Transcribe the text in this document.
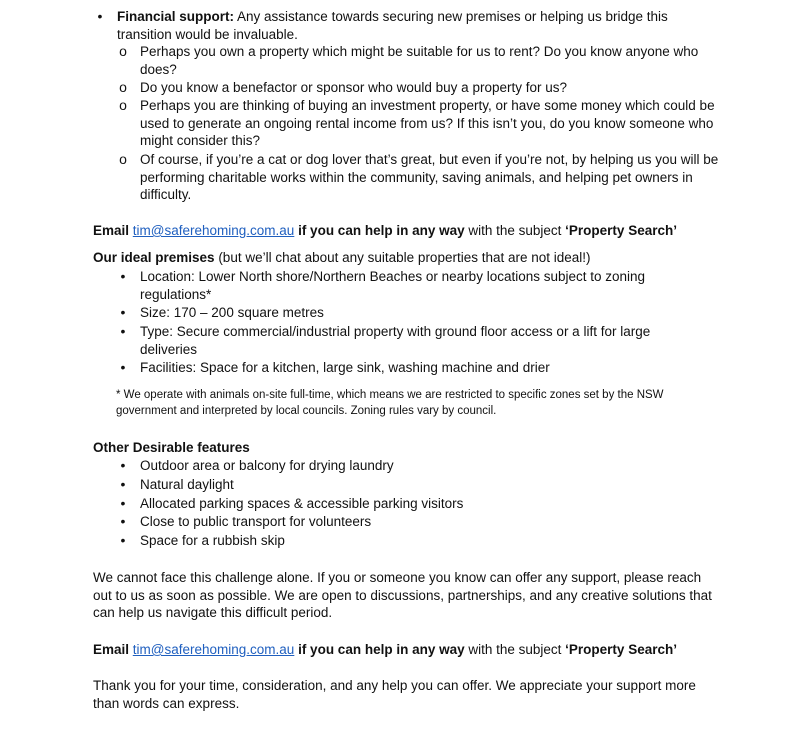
•	Financial support: Any assistance towards securing new premises or helping us bridge this transition would be invaluable.
o Perhaps you own a property which might be suitable for us to rent? Do you know anyone who does?
o Do you know a benefactor or sponsor who would buy a property for us?
o Perhaps you are thinking of buying an investment property, or have some money which could be used to generate an ongoing rental income from us? If this isn’t you, do you know someone who might consider this?
o Of course, if you’re a cat or dog lover that’s great, but even if you’re not, by helping us you will be performing charitable works within the community, saving animals, and helping pet owners in difficulty.
Email tim@saferehoming.com.au if you can help in any way with the subject ‘Property Search’
Our ideal premises (but we’ll chat about any suitable properties that are not ideal!)
•	Location: Lower North shore/Northern Beaches or nearby locations subject to zoning regulations*
•	Size: 170 – 200 square metres
•	Type: Secure commercial/industrial property with ground floor access or a lift for large deliveries
•	Facilities: Space for a kitchen, large sink, washing machine and drier
* We operate with animals on-site full-time, which means we are restricted to specific zones set by the NSW government and interpreted by local councils. Zoning rules vary by council.
Other Desirable features
•	Outdoor area or balcony for drying laundry
•	Natural daylight
•	Allocated parking spaces & accessible parking visitors
•	Close to public transport for volunteers
•	Space for a rubbish skip
We cannot face this challenge alone. If you or someone you know can offer any support, please reach out to us as soon as possible. We are open to discussions, partnerships, and any creative solutions that can help us navigate this difficult period.
Email tim@saferehoming.com.au if you can help in any way with the subject ‘Property Search’
Thank you for your time, consideration, and any help you can offer. We appreciate your support more than words can express.
